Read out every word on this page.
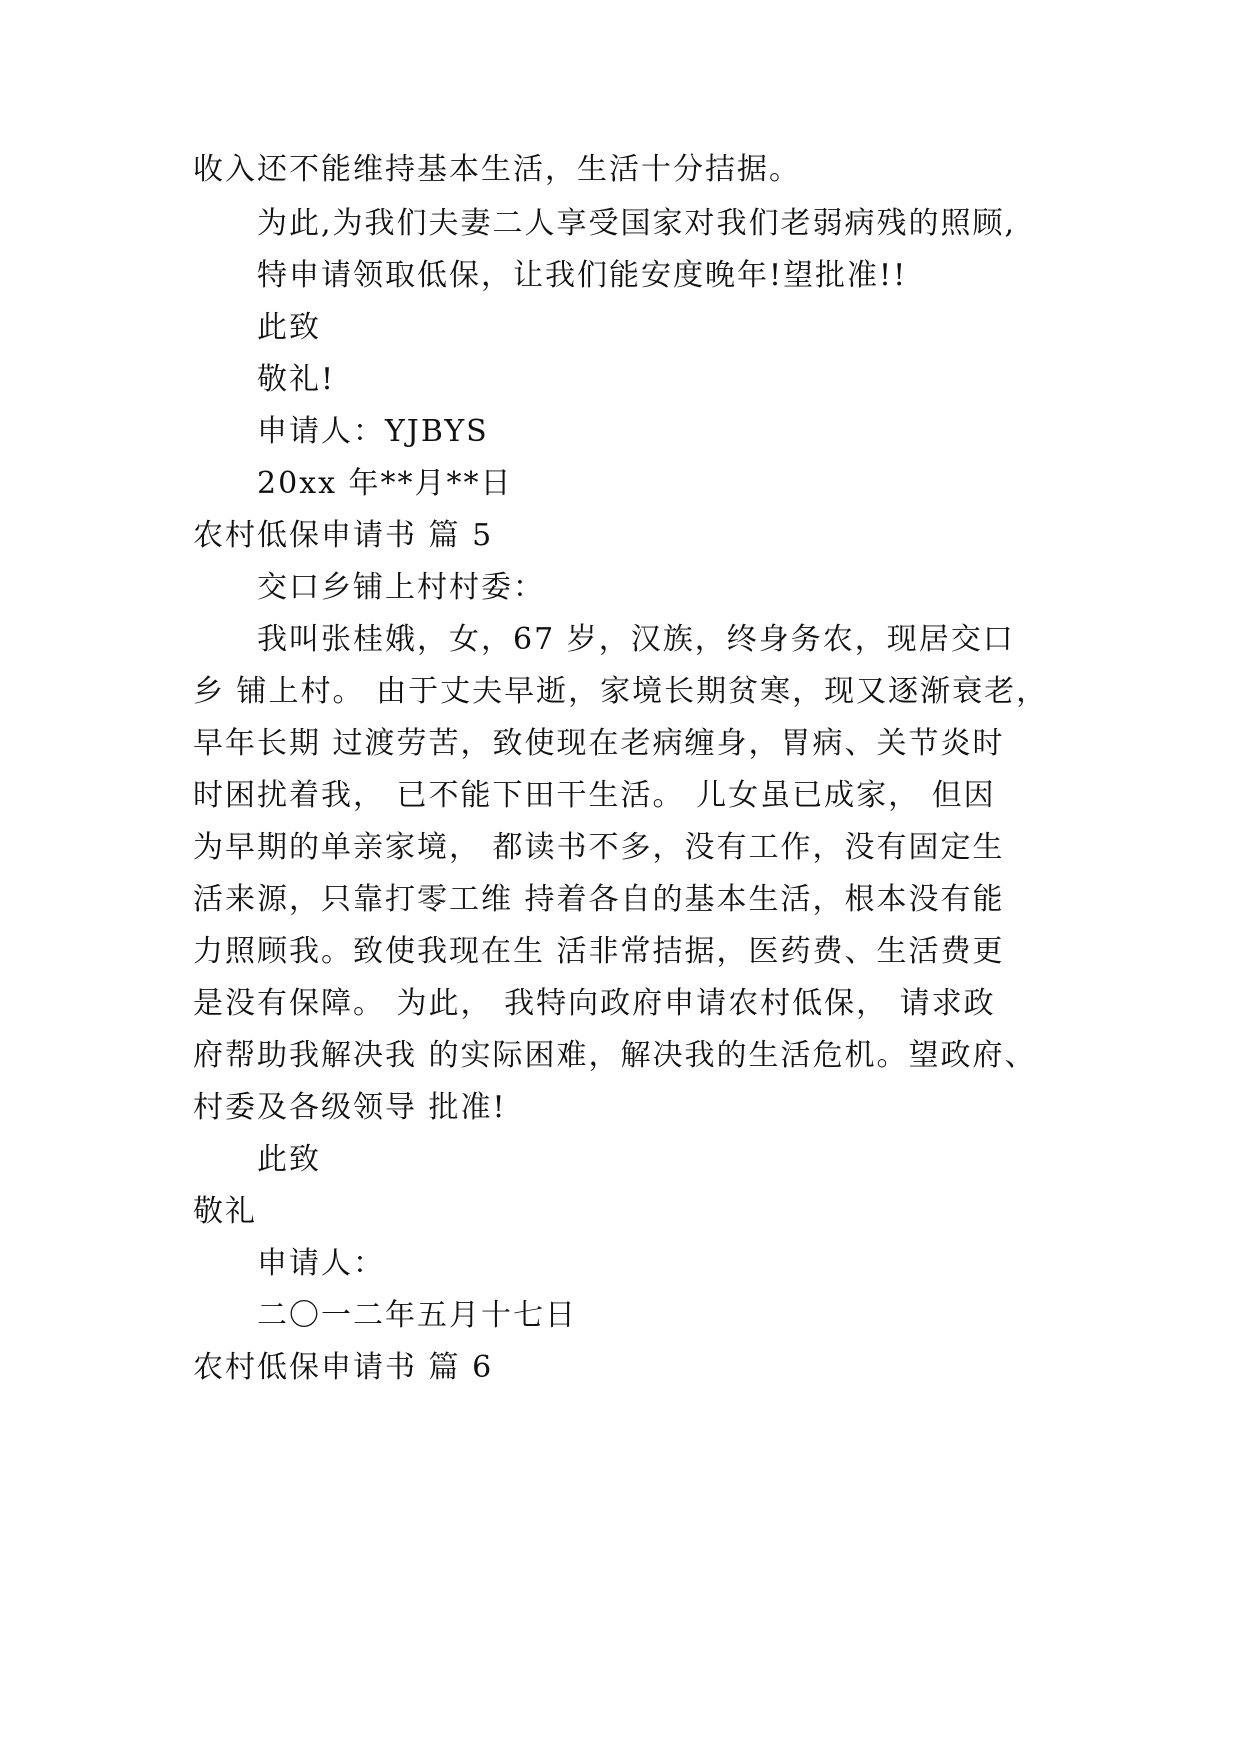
收入还不能维持基本生活，生活十分拮据。
为此,为我们夫妻二人享受国家对我们老弱病残的照顾,
特申请领取低保，让我们能安度晚年!望批准!!
此致
敬礼!
申请人：YJBYS
20xx 年**月**日
农村低保申请书 篇 5
交口乡铺上村村委：
我叫张桂娥，女，67 岁，汉族，终身务农，现居交口
乡 铺上村。 由于丈夫早逝，家境长期贫寒，现又逐渐衰老，
早年长期 过渡劳苦，致使现在老病缠身，胃病、关节炎时
时困扰着我， 已不能下田干生活。 儿女虽已成家， 但因
为早期的单亲家境， 都读书不多，没有工作，没有固定生
活来源，只靠打零工维 持着各自的基本生活，根本没有能
力照顾我。致使我现在生 活非常拮据，医药费、生活费更
是没有保障。 为此， 我特向政府申请农村低保， 请求政
府帮助我解决我 的实际困难，解决我的生活危机。望政府、
村委及各级领导 批准!
此致
敬礼
申请人：
二〇一二年五月十七日
农村低保申请书 篇 6
